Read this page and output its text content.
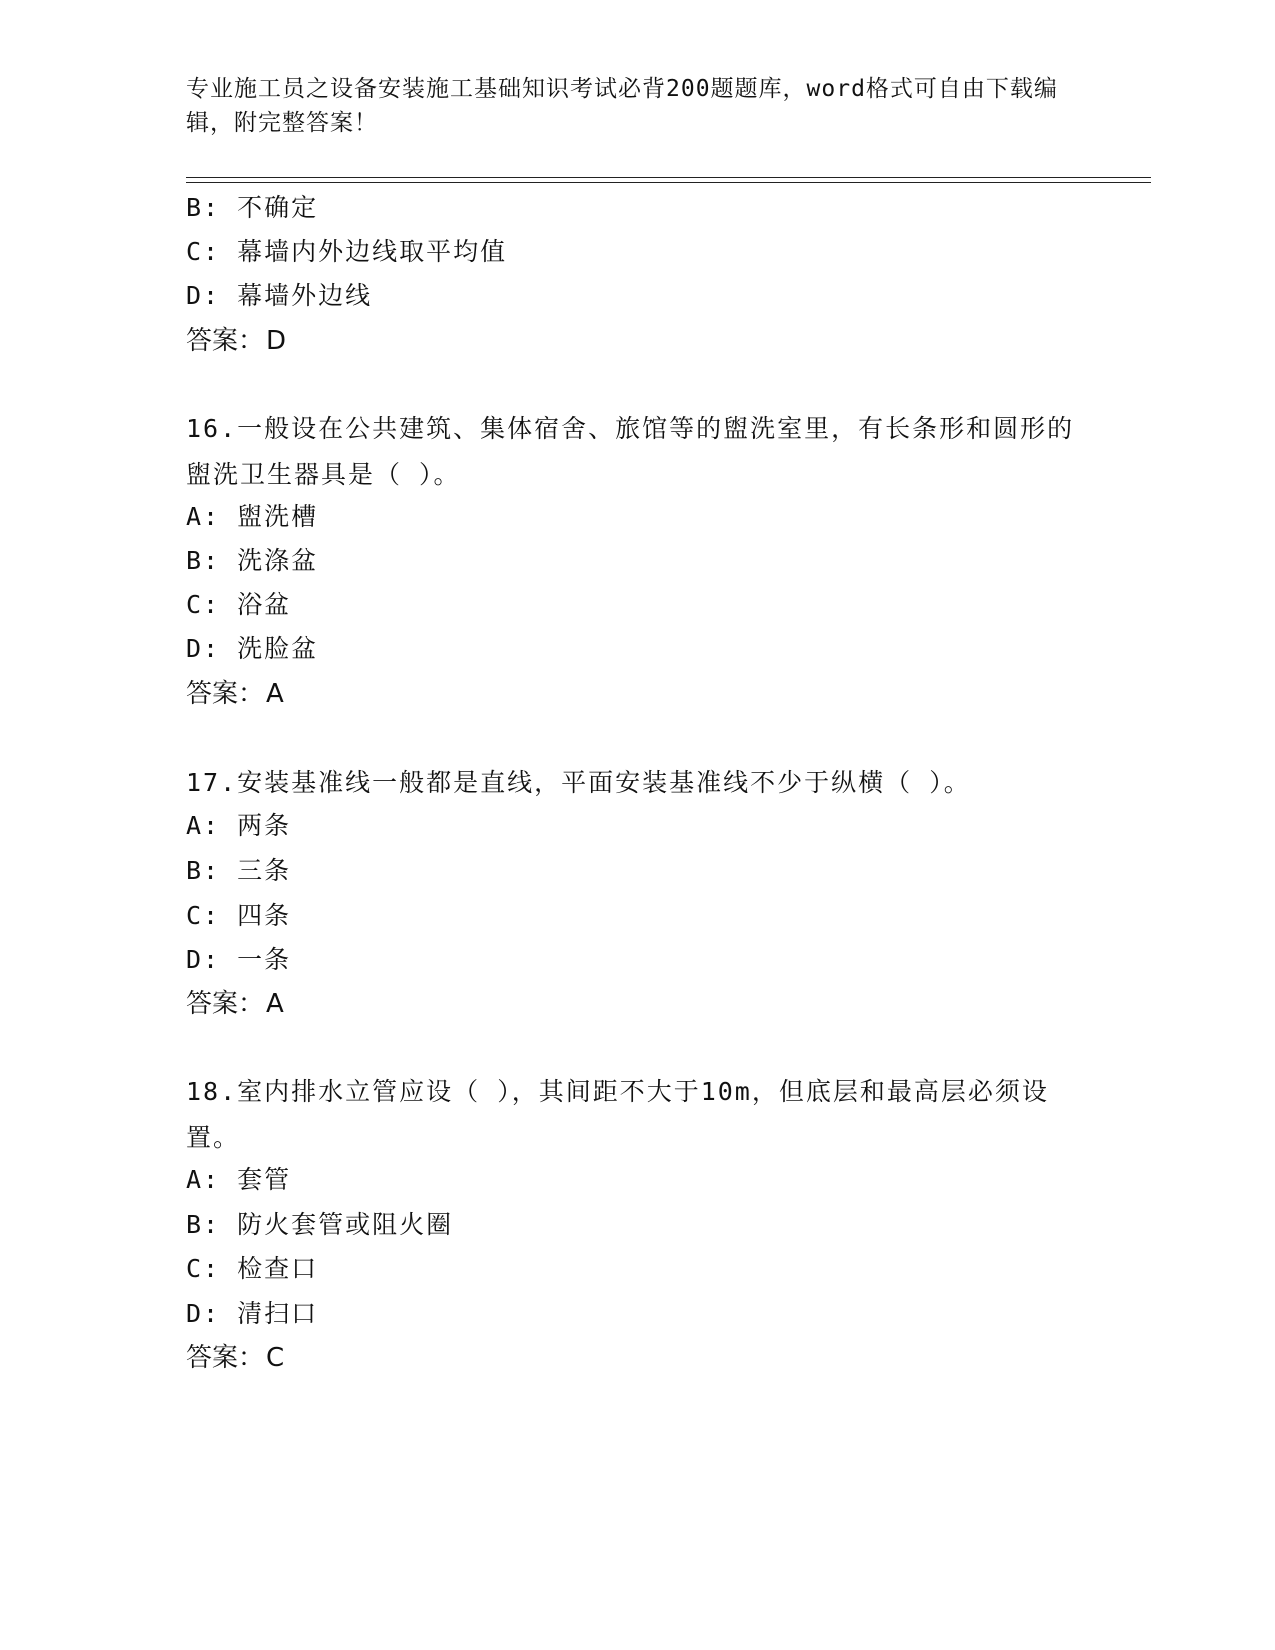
专业施工员之设备安装施工基础知识考试必背200题题库，word格式可自由下载编辑，附完整答案！
B: 不确定
C: 幕墙内外边线取平均值
D: 幕墙外边线
答案：D
16.一般设在公共建筑、集体宿舍、旅馆等的盥洗室里，有长条形和圆形的盥洗卫生器具是（ ）。
A: 盥洗槽
B: 洗涤盆
C: 浴盆
D: 洗脸盆
答案：A
17.安装基准线一般都是直线，平面安装基准线不少于纵横（ ）。
A: 两条
B: 三条
C: 四条
D: 一条
答案：A
18.室内排水立管应设（ ），其间距不大于10m，但底层和最高层必须设置。
A: 套管
B: 防火套管或阻火圈
C: 检查口
D: 清扫口
答案：C
